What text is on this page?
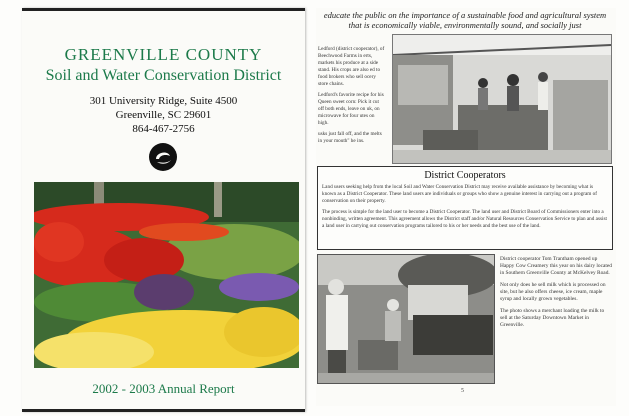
GREENVILLE COUNTY
Soil and Water Conservation District
301 University Ridge, Suite 4500
Greenville, SC 29601
864-467-2756
2002 - 2003 Annual Report
educate the public on the importance of a sustainable food and agricultural system that is economically viable, environmentally sound, and socially just

Ledford (district cooperator), of Beechwood Farms in erts, markets his produce at a side stand. His crops are also ed to food brokers who sell ocery store chains.

Ledford's favorite recipe for his Queen sweet corn: Pick it cut off both ends, leave on uk, on microwave for four utes on high.

usks just fall off, and the melts in your mouth" he ins.

District Cooperators

Land users seeking help from the local Soil and Water Conservation District may receive available assistance by becoming what is known as a District Cooperator. These land users are individuals or groups who show a genuine interest in carrying out a program of conservation on their property.

The process is simple for the land user to become a District Cooperator. The land user and District Board of Commissioners enter into a nonbinding, written agreement. This agreement allows the District staff and/or Natural Resources Conservation Service to plan and assist a land user in carrying out conservation programs tailored to his or her needs and the best use of the land.

District cooperator Tom Trantham opened up Happy Cow Creamery this year on his dairy located in Southern Greenville County at McKelvey Road.

Not only does he sell milk which is processed on site, but he also offers cheese, ice cream, maple syrup and locally grown vegetables.

The photo shows a merchant loading the milk to sell at the Saturday Downtown Market in Greenville.

5
